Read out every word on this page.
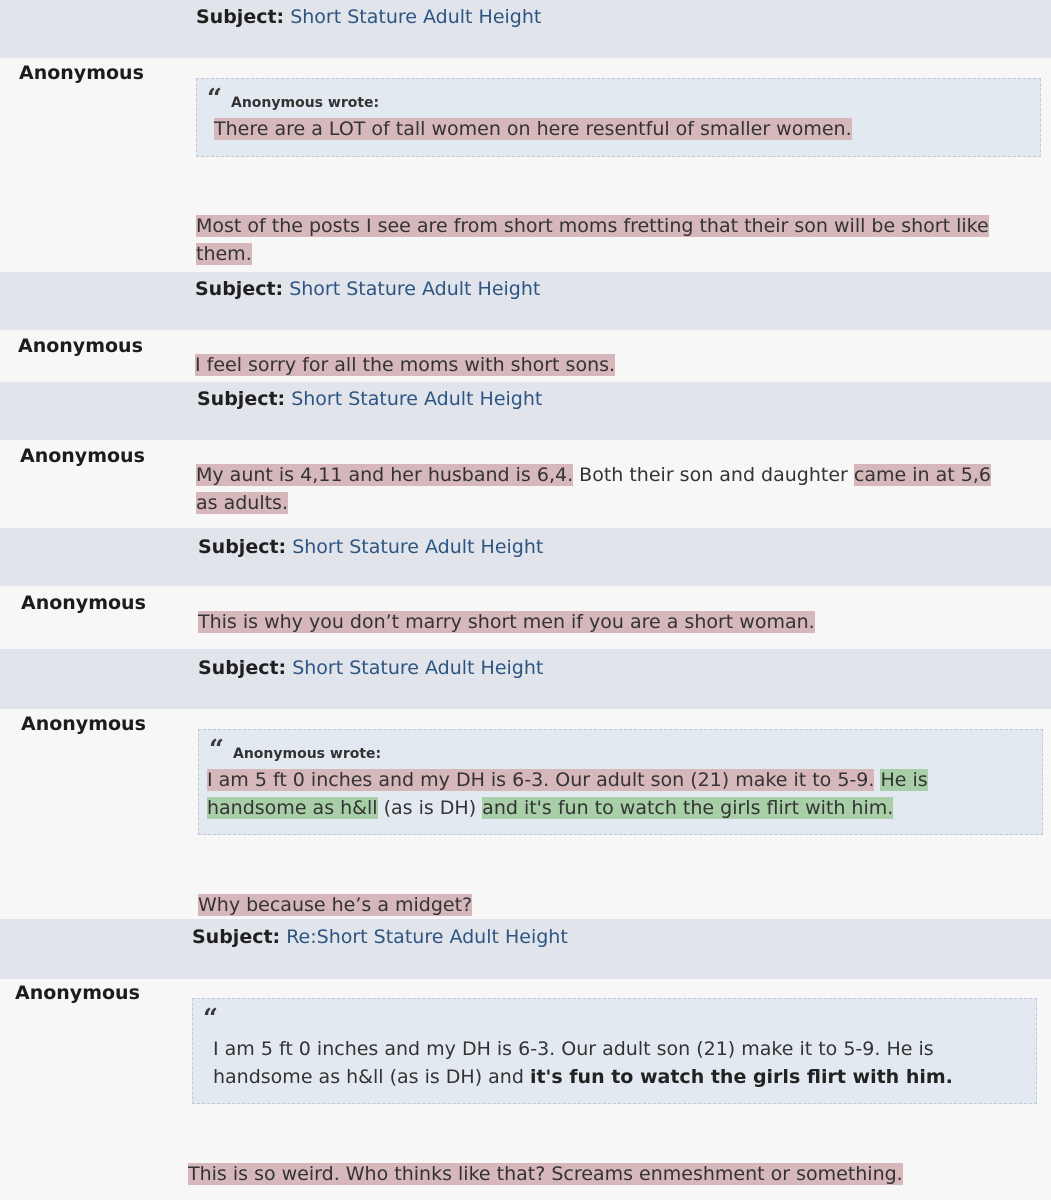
Subject: Short Stature Adult Height
Anonymous
“ Anonymous wrote:
There are a LOT of tall women on here resentful of smaller women.
Most of the posts I see are from short moms fretting that their son will be short like
them.
Subject: Short Stature Adult Height
Anonymous
I feel sorry for all the moms with short sons.
Subject: Short Stature Adult Height
Anonymous
My aunt is 4,11 and her husband is 6,4. Both their son and daughter came in at 5,6
as adults.
Subject: Short Stature Adult Height
Anonymous
This is why you don’t marry short men if you are a short woman.
Subject: Short Stature Adult Height
Anonymous
“ Anonymous wrote:
I am 5 ft 0 inches and my DH is 6-3. Our adult son (21) make it to 5-9. He is
handsome as h&ll (as is DH) and it's fun to watch the girls flirt with him.
Why because he’s a midget?
Subject: Re:Short Stature Adult Height
Anonymous
“
I am 5 ft 0 inches and my DH is 6-3. Our adult son (21) make it to 5-9. He is
handsome as h&ll (as is DH) and it's fun to watch the girls flirt with him.
This is so weird. Who thinks like that? Screams enmeshment or something.
